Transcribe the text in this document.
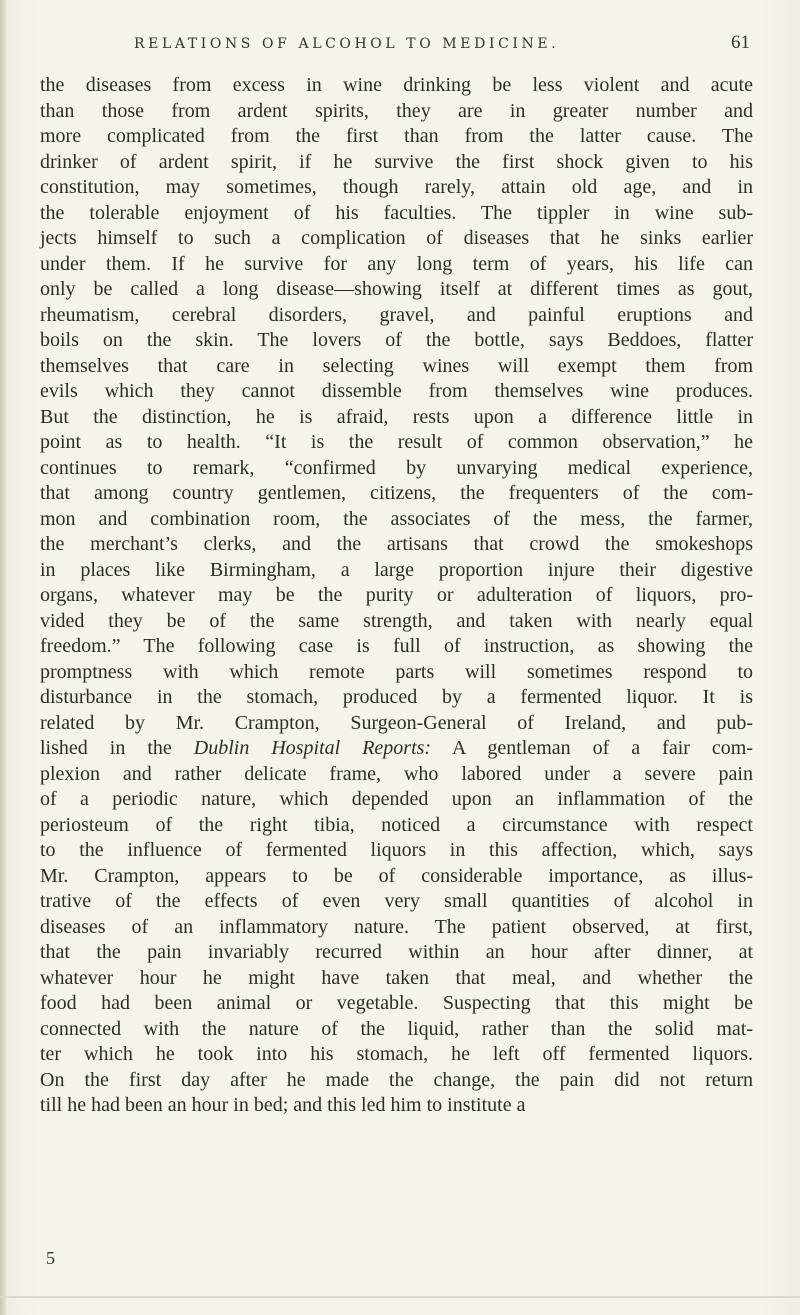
RELATIONS OF ALCOHOL TO MEDICINE.	61
the diseases from excess in wine drinking be less violent and acute
than those from ardent spirits, they are in greater number and
more complicated from the first than from the latter cause. The
drinker of ardent spirit, if he survive the first shock given to his
constitution, may sometimes, though rarely, attain old age, and in
the tolerable enjoyment of his faculties. The tippler in wine sub-
jects himself to such a complication of diseases that he sinks earlier
under them. If he survive for any long term of years, his life can
only be called a long disease—showing itself at different times as gout,
rheumatism, cerebral disorders, gravel, and painful eruptions and
boils on the skin. The lovers of the bottle, says Beddoes, flatter
themselves that care in selecting wines will exempt them from
evils which they cannot dissemble from themselves wine produces.
But the distinction, he is afraid, rests upon a difference little in
point as to health. “It is the result of common observation,” he
continues to remark, “confirmed by unvarying medical experience,
that among country gentlemen, citizens, the frequenters of the com-
mon and combination room, the associates of the mess, the farmer,
the merchant’s clerks, and the artisans that crowd the smokeshops
in places like Birmingham, a large proportion injure their digestive
organs, whatever may be the purity or adulteration of liquors, pro-
vided they be of the same strength, and taken with nearly equal
freedom.” The following case is full of instruction, as showing the
promptness with which remote parts will sometimes respond to
disturbance in the stomach, produced by a fermented liquor. It is
related by Mr. Crampton, Surgeon-General of Ireland, and pub-
lished in the Dublin Hospital Reports: A gentleman of a fair com-
plexion and rather delicate frame, who labored under a severe pain
of a periodic nature, which depended upon an inflammation of the
periosteum of the right tibia, noticed a circumstance with respect
to the influence of fermented liquors in this affection, which, says
Mr. Crampton, appears to be of considerable importance, as illus-
trative of the effects of even very small quantities of alcohol in
diseases of an inflammatory nature. The patient observed, at first,
that the pain invariably recurred within an hour after dinner, at
whatever hour he might have taken that meal, and whether the
food had been animal or vegetable. Suspecting that this might be
connected with the nature of the liquid, rather than the solid mat-
ter which he took into his stomach, he left off fermented liquors.
On the first day after he made the change, the pain did not return
till he had been an hour in bed; and this led him to institute a
5
